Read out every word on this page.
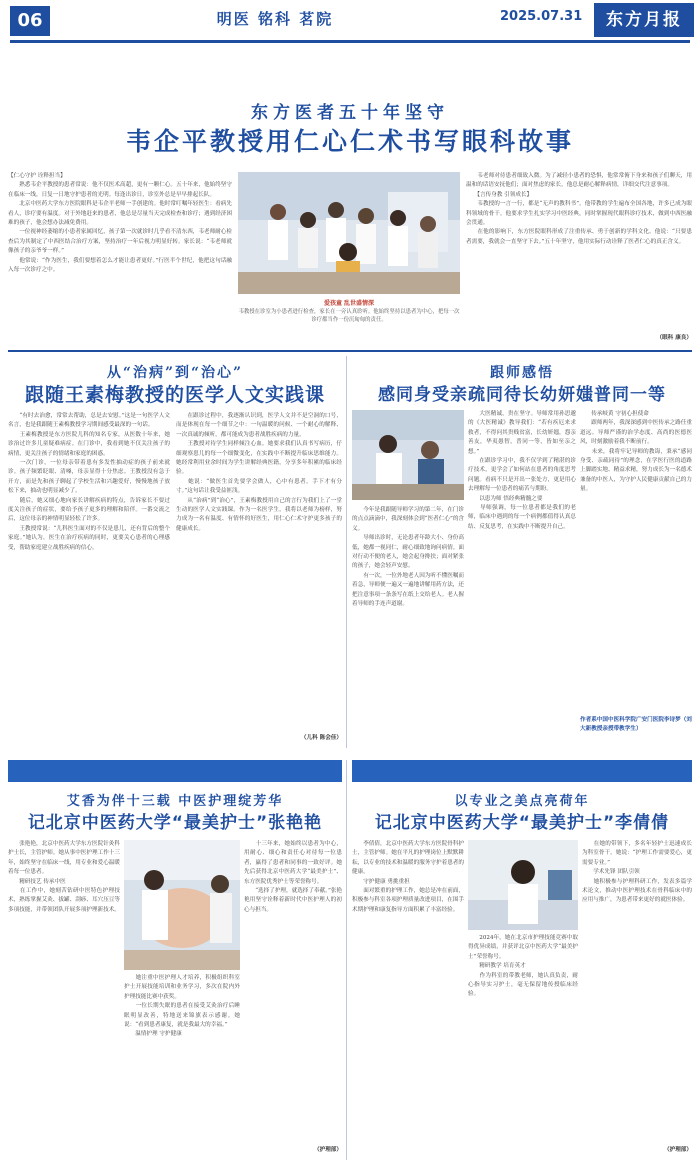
06	明医 铭科 茗院	2025.07.31	东方月报
东方医者五十年坚守
韦企平教授用仁心仁术书写眼科故事
【仁心守护 诠释担当】
　　熟悉韦企平教授的患者常说：他不仅医术高超，更有一颗仁心。五十年来，他始终坚守在临床一线，日复一日地守护患者的光明。每逢出诊日，诊室外总是早早排起长队。
　　北京中医药大学东方医院眼科是韦企平老师一手创建的。他时常叮嘱年轻医生：看病先看人，诊疗要有温度。对于外地赶来的患者，他总是尽量当天完成检查和诊疗；遇到经济困难的孩子，他会想办法减免费用。
　　一位视神经萎缩的小患者家属回忆，孩子第一次就诊时几乎看不清东西，韦老师耐心检查后为其制定了中西医结合治疗方案，坚持治疗一年后视力明显好转。家长说：“韦老师就像孩子的亲爷爷一样。”
　　他常说：“作为医生，我们要想着怎么才能让患者更好。”行医半个世纪，他把这句话融入每一次诊疗之中。
　　韦老师对待患者细致入微。为了减轻小患者的恐惧，他常常俯下身来和孩子们聊天，用温和的话语安抚他们；面对焦虑的家长，他总是耐心解释病情，详细交代注意事项。
　　【言传身教 引领成长】
　　韦教授的一言一行，都是“无声的教科书”。他带教的学生遍布全国各地，许多已成为眼科领域的骨干。他要求学生扎实学习中医经典，同时掌握现代眼科诊疗技术，做到中西医融会贯通。
　　在他的影响下，东方医院眼科形成了注重传承、勇于创新的学科文化。他说：“只要患者需要，我就会一直坚守下去。”五十年坚守，他用实际行动诠释了医者仁心的真正含义。
（眼科 康良）
爱孩童 乱世盛情深
韦教授在诊室为小患者进行检查，家长在一旁认真聆听。他始终坚持以患者为中心，把每一次诊疗都当作一份沉甸甸的责任。
从“治病”到“治心”
跟随王素梅教授的医学人文实践课
　　“有时去治愈，常常去帮助，总是去安慰。”这是一句医学人文名言，也是我跟随王素梅教授学习期间感受最深的一句话。
　　王素梅教授是东方医院儿科的知名专家，从医数十年来，她诊治过许多儿童疑难病症。在门诊中，我看到她不仅关注孩子的病情，更关注孩子的情绪和家庭的困惑。
　　一次门诊，一位母亲带着患有多发性抽动症的孩子前来就诊。孩子频繁眨眼、清嗓，母亲显得十分焦虑。王教授没有急于开方，而是先和孩子聊起了学校生活和兴趣爱好，慢慢地孩子放松下来，抽动也明显减少了。
　　随后，她又细心地向家长讲解疾病的特点，告诉家长不要过度关注孩子的症状，要给予孩子更多的理解和陪伴。一番交流之后，这位母亲的神情明显轻松了许多。
　　王教授常说：“儿科医生面对的不仅是患儿，还有背后的整个家庭。”她认为，医生在治疗疾病的同时，更要关心患者的心理感受，帮助家庭建立战胜疾病的信心。
　　在跟诊过程中，我逐渐认识到，医学人文并不是空洞的口号，而是体现在每一个细节之中：一句温暖的问候、一个耐心的解释、一次真诚的倾听，都可能成为患者战胜疾病的力量。
　　王教授对待学生同样倾注心血。她要求我们认真书写病历，仔细观察患儿的每一个细微变化，在实践中不断提升临床思维能力。她经常利用业余时间为学生讲解经典医籍，分享多年积累的临床经验。
　　她说：“做医生首先要学会做人，心中有患者，手下才有分寸。”这句话让我受益匪浅。
　　从“治病”到“治心”，王素梅教授用自己的言行为我们上了一堂生动的医学人文实践课。作为一名医学生，我将以老师为榜样，努力成为一名有温度、有情怀的好医生，用仁心仁术守护更多孩子的健康成长。
（儿科 陈会佳）
跟师感悟
感同身受亲疏同待长幼妍媸普同一等
　　今年是我跟随导师学习的第二年，在门诊的点点滴滴中，我深刻体会到“医者仁心”的含义。
　　导师出诊时，无论患者年龄大小、身份高低，她都一视同仁，耐心细致地询问病情。面对行动不便的老人，她会起身搀扶；面对紧张的孩子，她会轻声安慰。
　　有一次，一位外地老人因为听不懂医嘱而着急，导师便一遍又一遍地讲解用药方法，还把注意事项一条条写在纸上交给老人。老人握着导师的手连声道谢。
　　大医精诚，贵在坚守。导师常用孙思邈的《大医精诚》教导我们：“若有疾厄来求救者，不得问其贵贱贫富，长幼妍媸，怨亲善友，华夷愚智，普同一等，皆如至亲之想。”
　　在跟诊学习中，我不仅学到了精湛的诊疗技术，更学会了如何站在患者的角度思考问题。看病不只是开出一张处方，更是用心去理解每一位患者的痛苦与期盼。
　　以患为师 悟经典精髓之要
　　导师强调，每一位患者都是我们的老师，临床中遇到的每一个病例都值得认真总结、反复思考，在实践中不断提升自己。
　　传承岐黄 守初心担使命
　　跟师两年，我深深感到中医传承之路任重道远。导师严谨的治学态度、高尚的医德医风，时刻激励着我不断前行。
　　未来，我将牢记导师的教诲，秉承“感同身受、亲疏同待”的理念，在学医行医的道路上脚踏实地、精益求精，努力成长为一名德术兼备的中医人，为守护人民健康贡献自己的力量。
作者系中国中医科学院广安门医院李诗梦（刘大新教授亲授带教学生）
艾香为伴十三载 中医护理绽芳华
记北京中医药大学“最美护士”张艳艳
　　张艳艳，北京中医药大学东方医院针灸科护士长，主管护师。她从事中医护理工作十三年，始终坚守在临床一线，用专业和爱心温暖着每一位患者。
　　精研技艺 传承中医
　　在工作中，她刻苦钻研中医特色护理技术，熟练掌握艾灸、拔罐、刮痧、耳穴压豆等多项技能，并带领团队开展多项护理新技术。
　　她注重中医护理人才培养，积极组织科室护士开展技能培训和业务学习，多次在院内外护理技能比赛中获奖。
　　一位长期失眠的患者在接受艾灸治疗后睡眠明显改善，特地送来锦旗表示感谢。她说：“看到患者康复，就是我最大的幸福。”
　　温情护理 守护健康
　　十三年来，她始终以患者为中心，用耐心、细心和责任心对待每一位患者，赢得了患者和同事的一致好评。她先后获得北京中医药大学“最美护士”、东方医院优秀护士等荣誉称号。
　　“选择了护理，就选择了奉献。”张艳艳用坚守诠释着新时代中医护理人的初心与担当。
（护理部）
以专业之美点亮荷年
记北京中医药大学“最美护士”李倩倩
　　李倩倩，北京中医药大学东方医院骨科护士，主管护师。她在平凡的护理岗位上默默耕耘，以专业的技术和温暖的服务守护着患者的健康。
　　守护健康 勇挑重担
　　面对繁重的护理工作，她总是冲在前面，积极参与科室各项护理质量改进项目，在围手术期护理和康复指导方面积累了丰富经验。
　　2024年，她在北京市护理技能竞赛中取得优异成绩，并获评北京中医药大学“最美护士”荣誉称号。
　　精研教学 培育英才
　　作为科室的带教老师，她认真负责，耐心指导实习护士，毫无保留地传授临床经验。
　　在她的带领下，多名年轻护士迅速成长为科室骨干。她说：“护理工作需要爱心，更需要专业。”
　　学术先锋 团队引领
　　她积极参与护理科研工作，发表多篇学术论文，推动中医护理技术在骨科临床中的应用与推广，为患者带来更好的就医体验。
（护理部）
